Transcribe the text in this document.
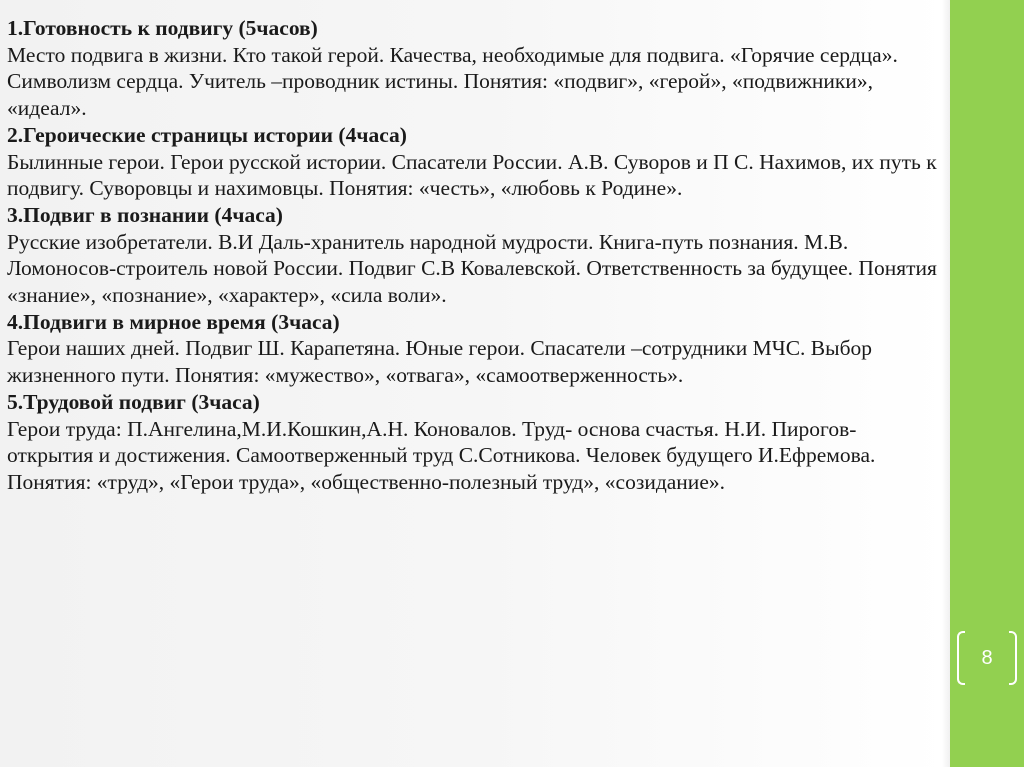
1.Готовность к подвигу (5часов)
Место подвига в жизни. Кто такой герой. Качества, необходимые для подвига. «Горячие сердца». Символизм сердца. Учитель –проводник истины. Понятия: «подвиг», «герой», «подвижники», «идеал».
2.Героические страницы истории (4часа)
Былинные герои. Герои русской истории. Спасатели России. А.В. Суворов и П С. Нахимов, их путь к подвигу. Суворовцы и нахимовцы. Понятия: «честь», «любовь к Родине».
3.Подвиг в познании (4часа)
Русские изобретатели. В.И Даль-хранитель народной мудрости. Книга-путь познания. М.В. Ломоносов-строитель новой России. Подвиг С.В Ковалевской. Ответственность за будущее. Понятия «знание», «познание», «характер», «сила воли».
4.Подвиги в мирное время (3часа)
Герои наших дней. Подвиг Ш. Карапетяна. Юные герои. Спасатели –сотрудники МЧС. Выбор жизненного пути. Понятия: «мужество», «отвага», «самоотверженность».
5.Трудовой подвиг (3часа)
Герои труда: П.Ангелина,М.И.Кошкин,А.Н. Коновалов. Труд- основа счастья. Н.И. Пирогов-открытия и достижения. Самоотверженный труд С.Сотникова. Человек будущего И.Ефремова. Понятия: «труд», «Герои труда», «общественно-полезный труд», «созидание».
8
